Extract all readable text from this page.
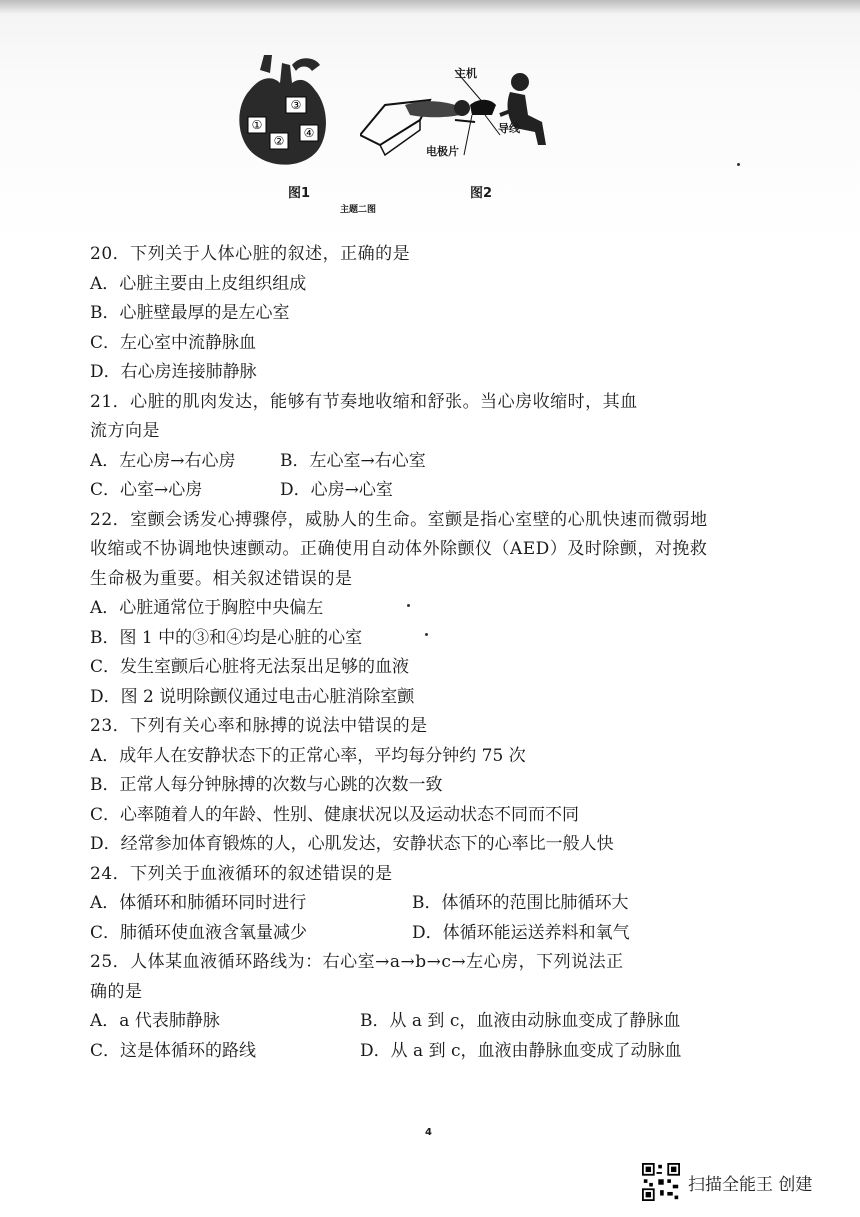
③
①
④
②
主机
导线
电极片
图1	图2
主题二图
20．下列关于人体心脏的叙述，正确的是
A．心脏主要由上皮组织组成
B．心脏壁最厚的是左心室
C．左心室中流静脉血
D．右心房连接肺静脉
21．心脏的肌肉发达，能够有节奏地收缩和舒张。当心房收缩时，其血
流方向是
A．左心房→右心房	B．左心室→右心室
C．心室→心房	D．心房→心室
22．室颤会诱发心搏骤停，威胁人的生命。室颤是指心室壁的心肌快速而微弱地
收缩或不协调地快速颤动。正确使用自动体外除颤仪（AED）及时除颤，对挽救
生命极为重要。相关叙述错误的是
A．心脏通常位于胸腔中央偏左
B．图 1 中的③和④均是心脏的心室
C．发生室颤后心脏将无法泵出足够的血液
D．图 2 说明除颤仪通过电击心脏消除室颤
23．下列有关心率和脉搏的说法中错误的是
A．成年人在安静状态下的正常心率，平均每分钟约 75 次
B．正常人每分钟脉搏的次数与心跳的次数一致
C．心率随着人的年龄、性别、健康状况以及运动状态不同而不同
D．经常参加体育锻炼的人，心肌发达，安静状态下的心率比一般人快
24．下列关于血液循环的叙述错误的是
A．体循环和肺循环同时进行	B．体循环的范围比肺循环大
C．肺循环使血液含氧量减少	D．体循环能运送养料和氧气
25．人体某血液循环路线为：右心室→a→b→c→左心房，下列说法正
确的是
A．a 代表肺静脉	B．从 a 到 c，血液由动脉血变成了静脉血
C．这是体循环的路线	D．从 a 到 c，血液由静脉血变成了动脉血
4
扫描全能王 创建
